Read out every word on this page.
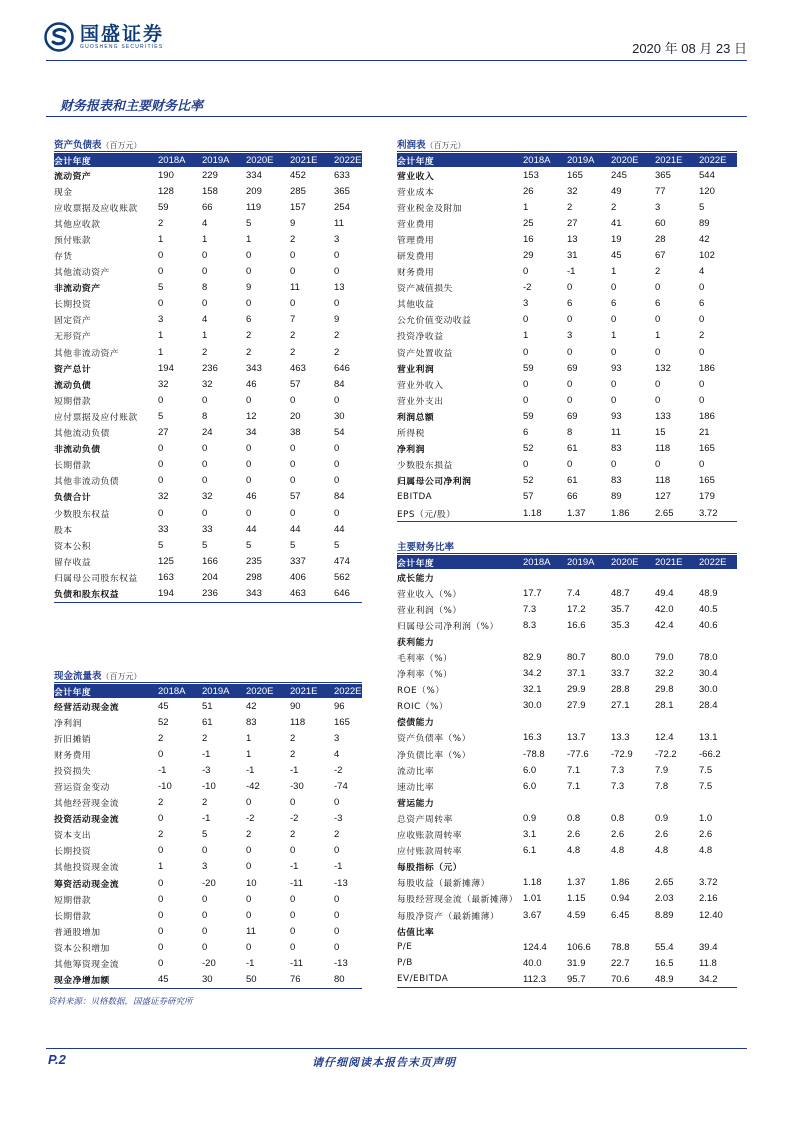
国盛证券
GUOSHENG SECURITIES	2020 年 08 月 23 日
财务报表和主要财务比率
资产负债表（百万元）
会计年度	2018A	2019A	2020E	2021E	2022E	
流动资产	190	229	334	452	633	
现金	128	158	209	285	365	
应收票据及应收账款	59	66	119	157	254	
其他应收款	2	4	5	9	11	
预付账款	1	1	1	2	3	
存货	0	0	0	0	0	
其他流动资产	0	0	0	0	0	
非流动资产	5	8	9	11	13	
长期投资	0	0	0	0	0	
固定资产	3	4	6	7	9	
无形资产	1	1	2	2	2	
其他非流动资产	1	2	2	2	2	
资产总计	194	236	343	463	646	
流动负债	32	32	46	57	84	
短期借款	0	0	0	0	0	
应付票据及应付账款	5	8	12	20	30	
其他流动负债	27	24	34	38	54	
非流动负债	0	0	0	0	0	
长期借款	0	0	0	0	0	
其他非流动负债	0	0	0	0	0	
负债合计	32	32	46	57	84	
少数股东权益	0	0	0	0	0	
股本	33	33	44	44	44	
资本公积	5	5	5	5	5	
留存收益	125	166	235	337	474	
归属母公司股东权益	163	204	298	406	562	
负债和股东权益	194	236	343	463	646	
利润表（百万元）
会计年度	2018A	2019A	2020E	2021E	2022E	
营业收入	153	165	245	365	544	
营业成本	26	32	49	77	120	
营业税金及附加	1	2	2	3	5	
营业费用	25	27	41	60	89	
管理费用	16	13	19	28	42	
研发费用	29	31	45	67	102	
财务费用	0	-1	1	2	4	
资产减值损失	-2	0	0	0	0	
其他收益	3	6	6	6	6	
公允价值变动收益	0	0	0	0	0	
投资净收益	1	3	1	1	2	
资产处置收益	0	0	0	0	0	
营业利润	59	69	93	132	186	
营业外收入	0	0	0	0	0	
营业外支出	0	0	0	0	0	
利润总额	59	69	93	133	186	
所得税	6	8	11	15	21	
净利润	52	61	83	118	165	
少数股东损益	0	0	0	0	0	
归属母公司净利润	52	61	83	118	165	
EBITDA	57	66	89	127	179	
EPS（元/股）	1.18	1.37	1.86	2.65	3.72	
主要财务比率
会计年度	2018A	2019A	2020E	2021E	2022E	
成长能力						
营业收入（%）	17.7	7.4	48.7	49.4	48.9	
营业利润（%）	7.3	17.2	35.7	42.0	40.5	
归属母公司净利润（%）	8.3	16.6	35.3	42.4	40.6	
获利能力						
毛利率（%）	82.9	80.7	80.0	79.0	78.0	
净利率（%）	34.2	37.1	33.7	32.2	30.4	
ROE（%）	32.1	29.9	28.8	29.8	30.0	
ROIC（%）	30.0	27.9	27.1	28.1	28.4	
偿债能力						
资产负债率（%）	16.3	13.7	13.3	12.4	13.1	
净负债比率（%）	-78.8	-77.6	-72.9	-72.2	-66.2	
流动比率	6.0	7.1	7.3	7.9	7.5	
速动比率	6.0	7.1	7.3	7.8	7.5	
营运能力						
总资产周转率	0.9	0.8	0.8	0.9	1.0	
应收账款周转率	3.1	2.6	2.6	2.6	2.6	
应付账款周转率	6.1	4.8	4.8	4.8	4.8	
每股指标（元）						
每股收益（最新摊薄）	1.18	1.37	1.86	2.65	3.72	
每股经营现金流（最新摊薄）	1.01	1.15	0.94	2.03	2.16	
每股净资产（最新摊薄）	3.67	4.59	6.45	8.89	12.40	
估值比率						
P/E	124.4	106.6	78.8	55.4	39.4	
P/B	40.0	31.9	22.7	16.5	11.8	
EV/EBITDA	112.3	95.7	70.6	48.9	34.2	
现金流量表（百万元）
会计年度	2018A	2019A	2020E	2021E	2022E	
经营活动现金流	45	51	42	90	96	
净利润	52	61	83	118	165	
折旧摊销	2	2	1	2	3	
财务费用	0	-1	1	2	4	
投资损失	-1	-3	-1	-1	-2	
营运资金变动	-10	-10	-42	-30	-74	
其他经营现金流	2	2	0	0	0	
投资活动现金流	0	-1	-2	-2	-3	
资本支出	2	5	2	2	2	
长期投资	0	0	0	0	0	
其他投资现金流	1	3	0	-1	-1	
筹资活动现金流	0	-20	10	-11	-13	
短期借款	0	0	0	0	0	
长期借款	0	0	0	0	0	
普通股增加	0	0	11	0	0	
资本公积增加	0	0	0	0	0	
其他筹资现金流	0	-20	-1	-11	-13	
现金净增加额	45	30	50	76	80	
资料来源：贝格数据，国盛证券研究所
P.2	请仔细阅读本报告末页声明
